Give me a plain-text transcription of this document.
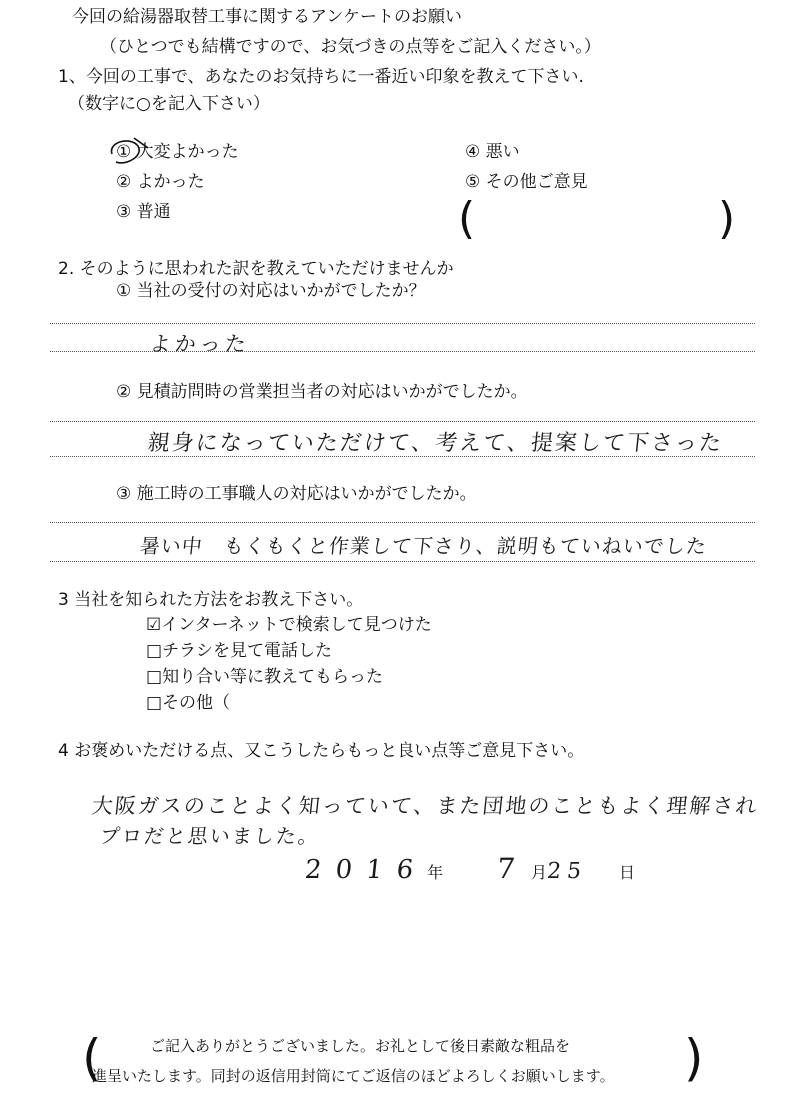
今回の給湯器取替工事に関するアンケートのお願い
（ひとつでも結構ですので、お気づきの点等をご記入ください。）
1、今回の工事で、あなたのお気持ちに一番近い印象を教えて下さい.
（数字に○を記入下さい）
① 大変よかった
② よかった
③ 普通
④ 悪い
⑤ その他ご意見
(	)
2. そのように思われた訳を教えていただけませんか
① 当社の受付の対応はいかがでしたか？
よかった
② 見積訪問時の営業担当者の対応はいかがでしたか。
親身になっていただけて、考えて、提案して下さった
③ 施工時の工事職人の対応はいかがでしたか。
暑い中　もくもくと作業して下さり、説明もていねいでした
3 当社を知られた方法をお教え下さい。
☑インターネットで検索して見つけた
□チラシを見て電話した
□知り合い等に教えてもらった
□その他（
4 お褒めいただける点、又こうしたらもっと良い点等ご意見下さい。
大阪ガスのことよく知っていて、また団地のこともよく理解され
プロだと思いました。
2016年 7 月25 日
(	ご記入ありがとうございました。お礼として後日素敵な粗品を
進呈いたします。同封の返信用封筒にてご返信のほどよろしくお願いします。 )
